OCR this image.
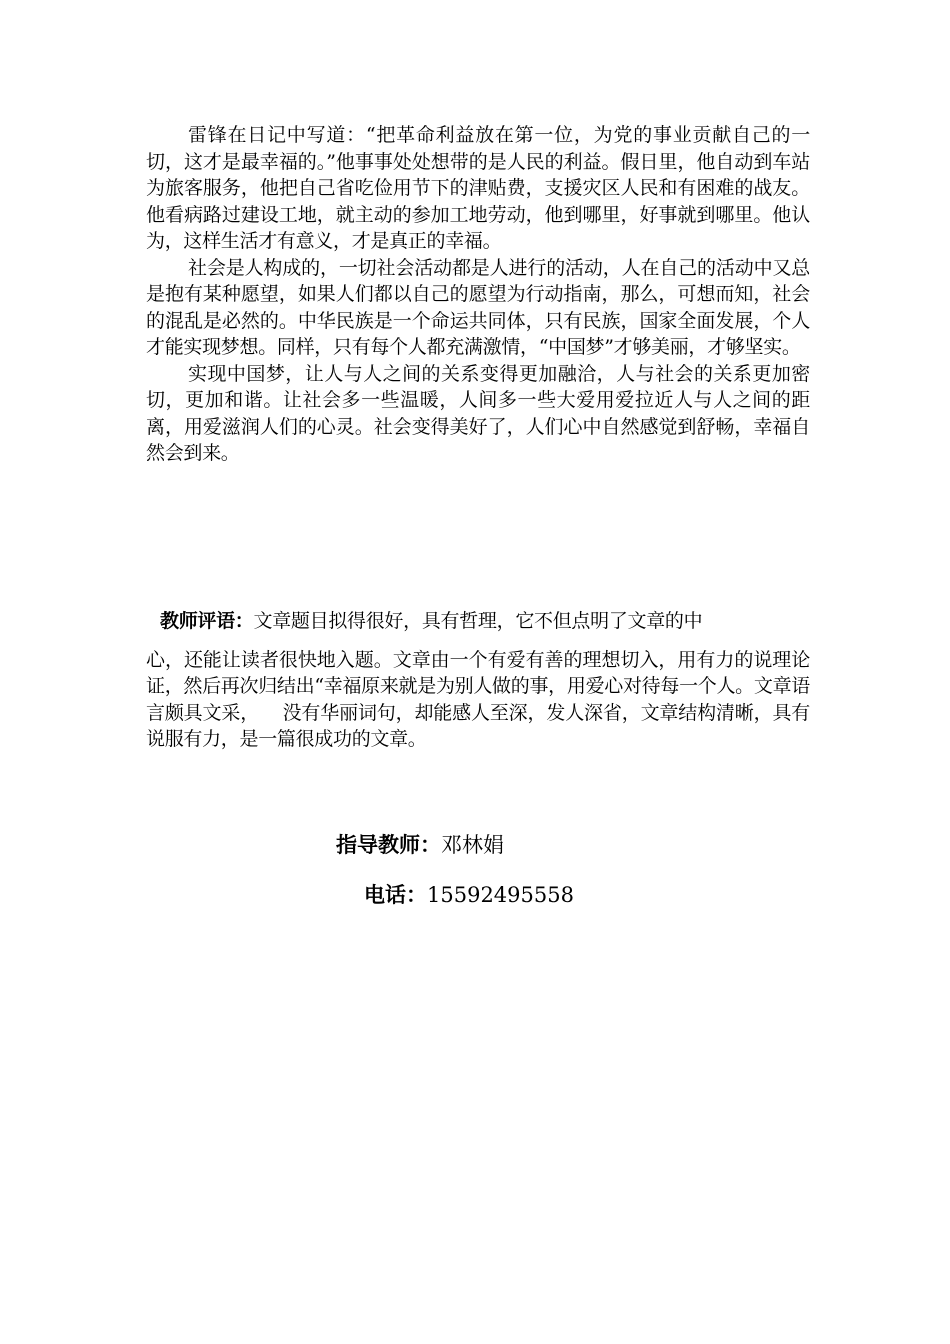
雷锋在日记中写道：“把革命利益放在第一位，为党的事业贡献自己的一切，这才是最幸福的。”他事事处处想带的是人民的利益。假日里，他自动到车站为旅客服务，他把自己省吃俭用节下的津贴费，支援灾区人民和有困难的战友。他看病路过建设工地，就主动的参加工地劳动，他到哪里，好事就到哪里。他认为，这样生活才有意义，才是真正的幸福。

社会是人构成的，一切社会活动都是人进行的活动，人在自己的活动中又总是抱有某种愿望，如果人们都以自己的愿望为行动指南，那么，可想而知，社会的混乱是必然的。中华民族是一个命运共同体，只有民族，国家全面发展，个人才能实现梦想。同样，只有每个人都充满激情，“中国梦”才够美丽，才够坚实。

实现中国梦，让人与人之间的关系变得更加融洽，人与社会的关系更加密切，更加和谐。让社会多一些温暖，人间多一些大爱用爱拉近人与人之间的距离，用爱滋润人们的心灵。社会变得美好了，人们心中自然感觉到舒畅，幸福自然会到来。

教师评语：文章题目拟得很好，具有哲理，它不但点明了文章的中
心，还能让读者很快地入题。文章由一个有爱有善的理想切入，用有力的说理论证，然后再次归结出“幸福原来就是为别人做的事，用爱心对待每一个人。文章语言颇具文采，    没有华丽词句，却能感人至深，发人深省，文章结构清晰，具有说服有力，是一篇很成功的文章。
指导教师：邓林娟
电话：15592495558
